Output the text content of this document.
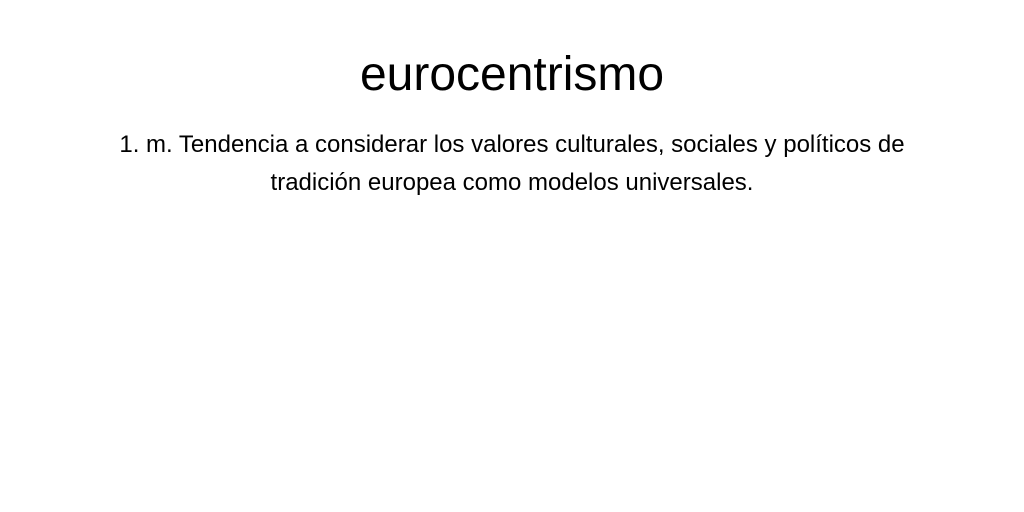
eurocentrismo

1. m. Tendencia a considerar los valores culturales, sociales y políticos de tradición europea como modelos universales.
